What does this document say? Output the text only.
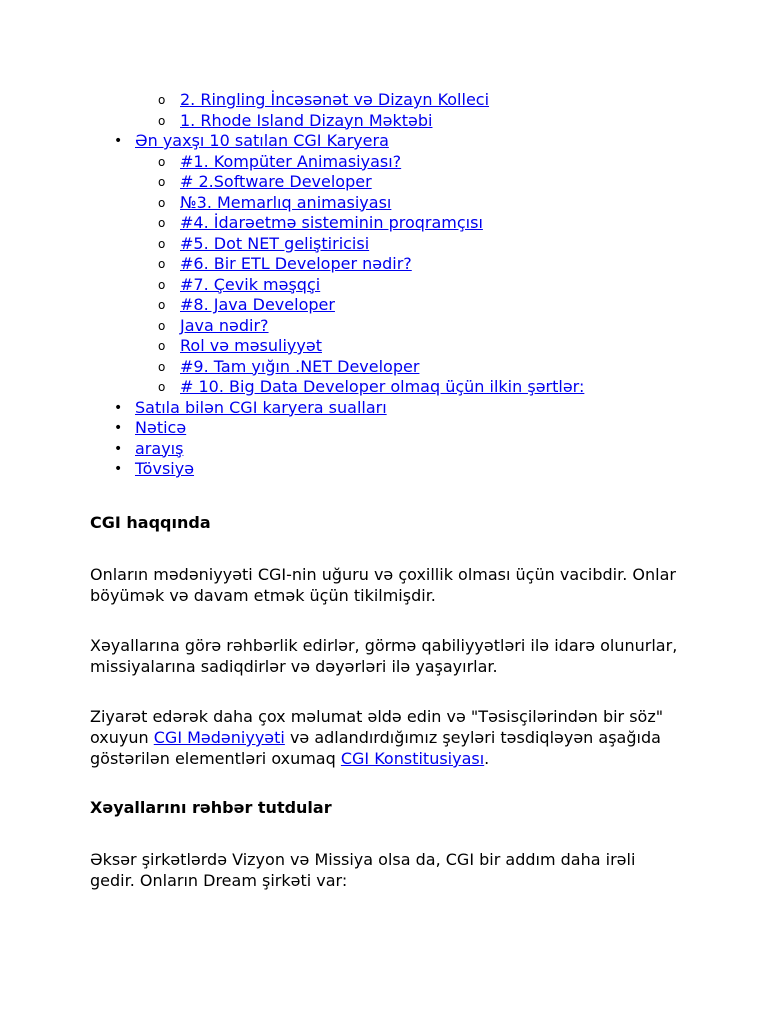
o 2. Ringling İncəsənət və Dizayn Kolleci
o 1. Rhode Island Dizayn Məktəbi
• Ən yaxşı 10 satılan CGI Karyera
o #1. Kompüter Animasiyası?
o # 2.Software Developer
o №3. Memarlıq animasiyası
o #4. İdarəetmə sisteminin proqramçısı
o #5. Dot NET geliştiricisi
o #6. Bir ETL Developer nədir?
o #7. Çevik məşqçi
o #8. Java Developer
o Java nədir?
o Rol və məsuliyyət
o #9. Tam yığın .NET Developer
o # 10. Big Data Developer olmaq üçün ilkin şərtlər:
• Satıla bilən CGI karyera sualları
• Nəticə
• arayış
• Tövsiyə
CGI haqqında

Onların mədəniyyəti CGI-nin uğuru və çoxillik olması üçün vacibdir. Onlar böyümək və davam etmək üçün tikilmişdir.

Xəyallarına görə rəhbərlik edirlər, görmə qabiliyyətləri ilə idarə olunurlar, missiyalarına sadiqdirlər və dəyərləri ilə yaşayırlar.

Ziyarət edərək daha çox məlumat əldə edin və "Təsisçilərindən bir söz" oxuyun CGI Mədəniyyəti və adlandırdığımız şeyləri təsdiqləyən aşağıda göstərilən elementləri oxumaq CGI Konstitusiyası.

Xəyallarını rəhbər tutdular

Əksər şirkətlərdə Vizyon və Missiya olsa da, CGI bir addım daha irəli gedir. Onların Dream şirkəti var:
